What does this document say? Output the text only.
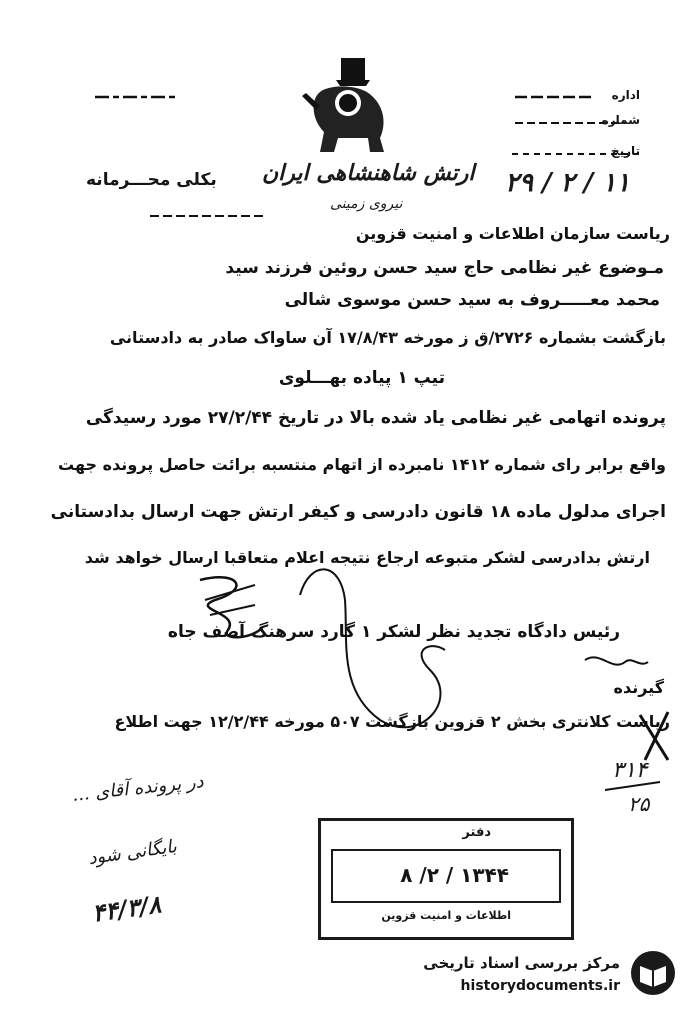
اداره
شماره
تاریخ
۲۹ / ۲ / ۱۱
ارتش شاهنشاهی ایران
نیروی زمینی
بکلی محـــرمانه
ریاست سازمان اطلاعات و امنیت قزوین
مـوضوع غیر نظامی حاج سید حسن روئین فرزند سید
محمد معـــــروف به سید حسن موسوی شالی
بازگشت بشماره ۲۷۲۶/ق ز مورخه ۱۷/۸/۴۳ آن ساواک صادر به دادستانی
تیپ ۱ پیاده بهـــلوی
پرونده اتهامی غیر نظامی یاد شده بالا در تاریخ ۲۷/۲/۴۴ مورد رسیدگی
واقع برابر رای شماره ۱۴۱۲ نامبرده از اتهام منتسبه برائت حاصل پرونده جهت
اجرای مدلول ماده ۱۸ قانون دادرسی و کیفر ارتش جهت ارسال بدادستانی
ارتش بدادرسی لشکر متبوعه ارجاع نتیجه اعلام متعاقبا ارسال خواهد شد
رئیس دادگاه تجدید نظر لشکر ۱ گارد سرهنگ آصف جاه
گیرنده
ریاست کلانتری بخش ۲ قزوین بازگشت ۵۰۷ مورخه ۱۲/۲/۴۴ جهت اطلاع
در پرونده آقای ...
بایگانی شود
۴۴/۳/۸
۳۱۴
۲۵
دفتر
۱۳۴۴ / ۲/ ۸
اطلاعات و امنیت قزوین
مرکز بررسی اسناد تاریخی
historydocuments.ir
